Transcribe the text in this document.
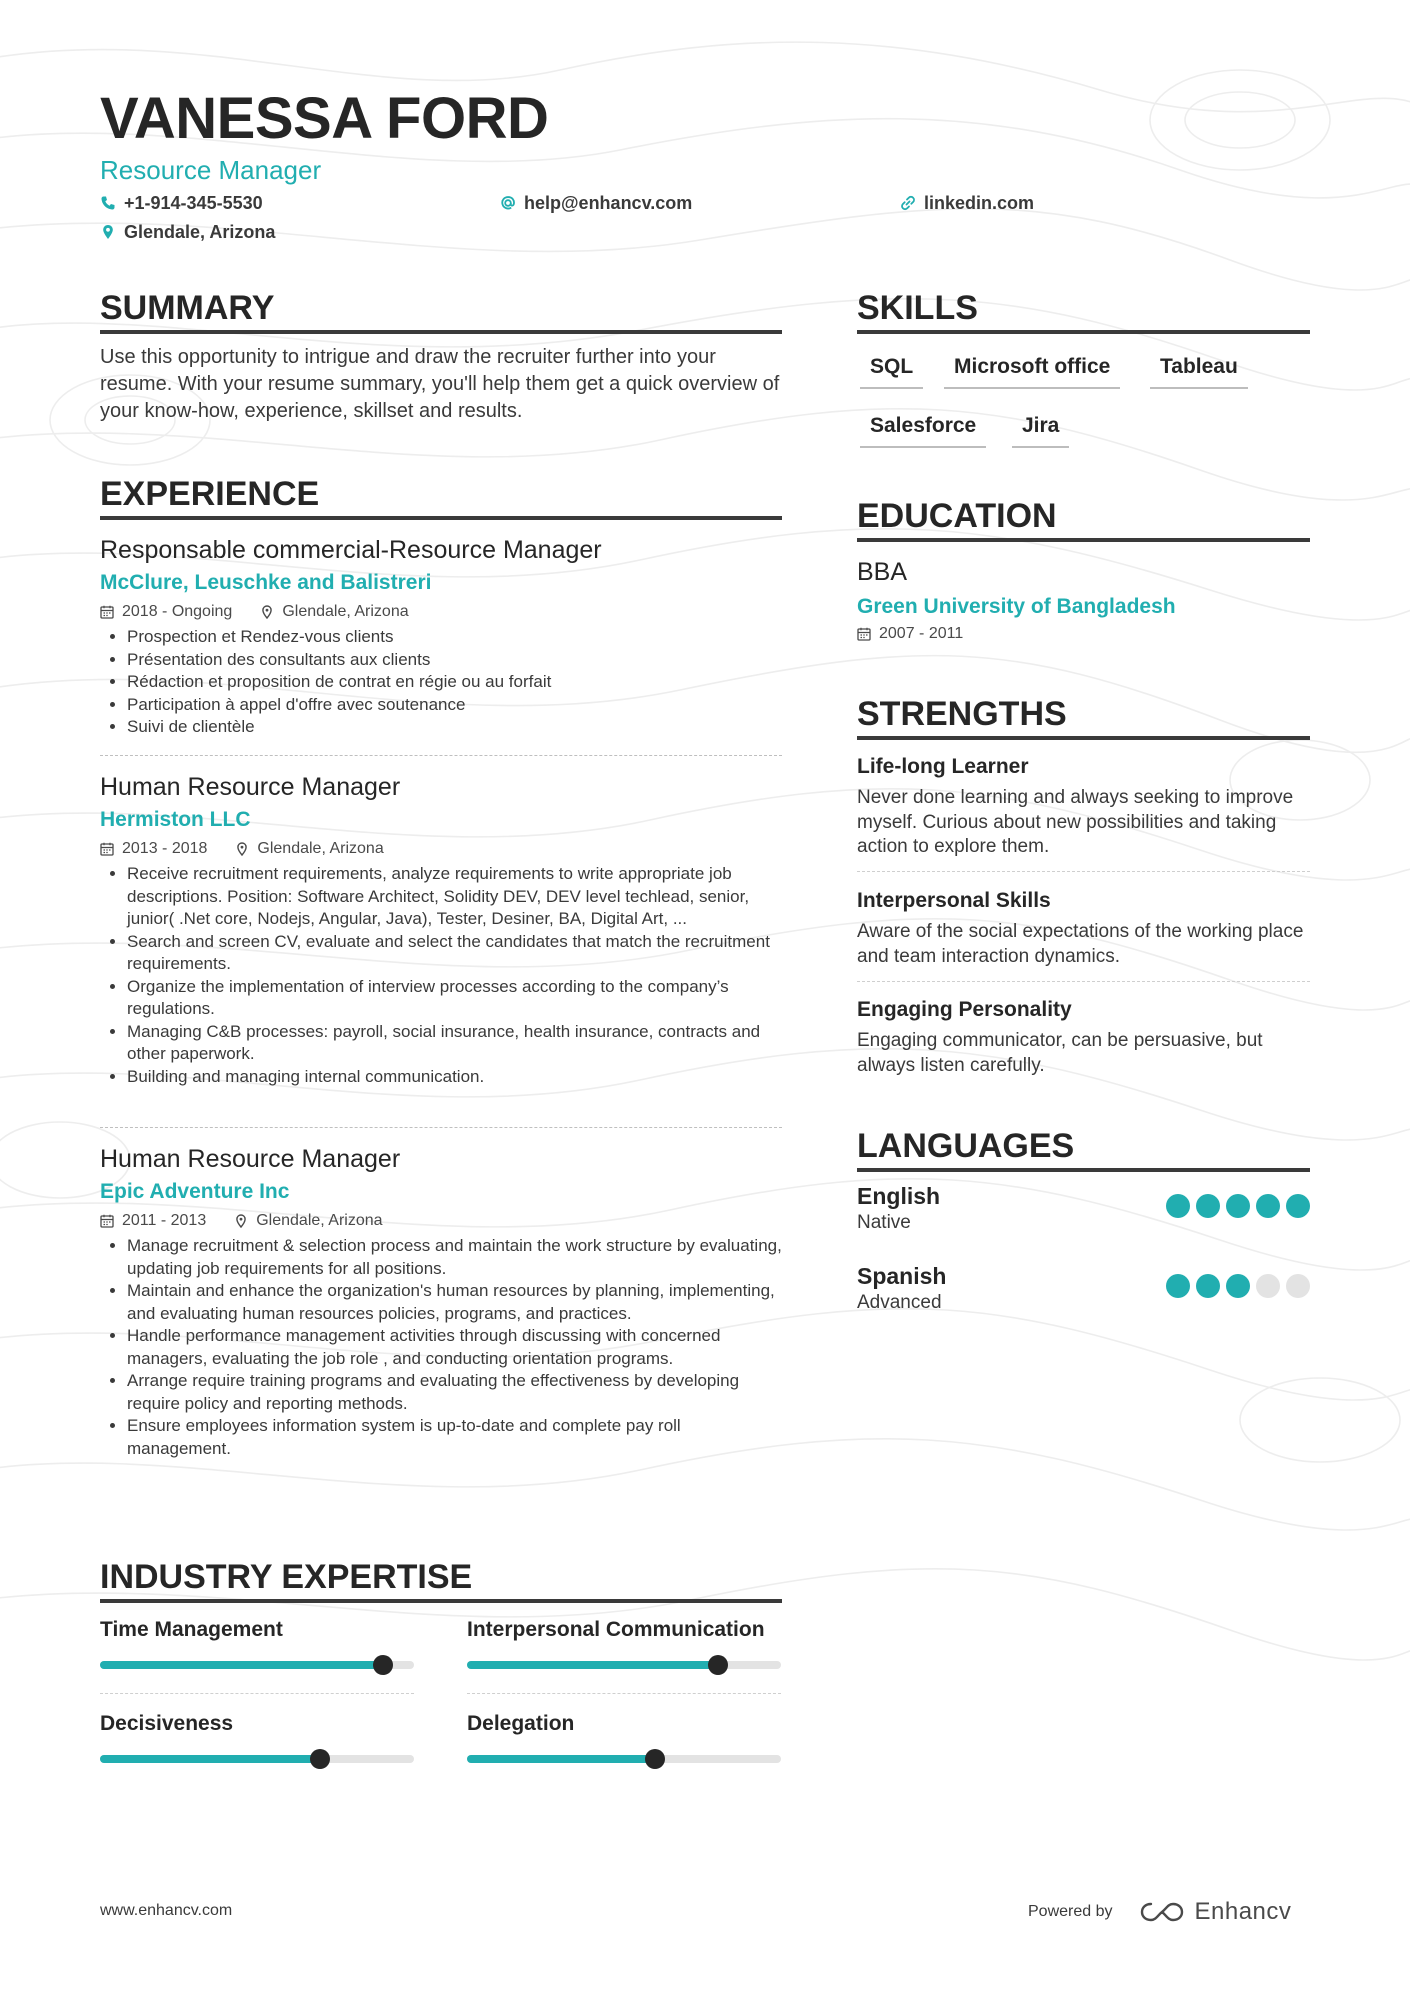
VANESSA FORD
Resource Manager
+1-914-345-5530	help@enhancv.com	linkedin.com
Glendale, Arizona
SUMMARY
Use this opportunity to intrigue and draw the recruiter further into your resume. With your resume summary, you'll help them get a quick overview of your know-how, experience, skillset and results.
EXPERIENCE
Responsable commercial-Resource Manager
McClure, Leuschke and Balistreri
2018 - Ongoing	Glendale, Arizona
• Prospection et Rendez-vous clients
• Présentation des consultants aux clients
• Rédaction et proposition de contrat en régie ou au forfait
• Participation à appel d'offre avec soutenance
• Suivi de clientèle
Human Resource Manager
Hermiston LLC
2013 - 2018	Glendale, Arizona
• Receive recruitment requirements, analyze requirements to write appropriate job descriptions. Position: Software Architect, Solidity DEV, DEV level techlead, senior, junior( .Net core, Nodejs, Angular, Java), Tester, Desiner, BA, Digital Art, ...
• Search and screen CV, evaluate and select the candidates that match the recruitment requirements.
• Organize the implementation of interview processes according to the company’s regulations.
• Managing C&B processes: payroll, social insurance, health insurance, contracts and other paperwork.
• Building and managing internal communication.
Human Resource Manager
Epic Adventure Inc
2011 - 2013	Glendale, Arizona
• Manage recruitment & selection process and maintain the work structure by evaluating, updating job requirements for all positions.
• Maintain and enhance the organization's human resources by planning, implementing, and evaluating human resources policies, programs, and practices.
• Handle performance management activities through discussing with concerned managers, evaluating the job role , and conducting orientation programs.
• Arrange require training programs and evaluating the effectiveness by developing require policy and reporting methods.
• Ensure employees information system is up-to-date and complete pay roll management.
INDUSTRY EXPERTISE
Time Management	Interpersonal Communication
Decisiveness	Delegation
SKILLS
SQL	Microsoft office	Tableau
Salesforce	Jira
EDUCATION
BBA
Green University of Bangladesh
2007 - 2011
STRENGTHS
Life-long Learner
Never done learning and always seeking to improve myself. Curious about new possibilities and taking action to explore them.
Interpersonal Skills
Aware of the social expectations of the working place and team interaction dynamics.
Engaging Personality
Engaging communicator, can be persuasive, but always listen carefully.
LANGUAGES
English
Native
Spanish
Advanced
www.enhancv.com	Powered by	Enhancv
